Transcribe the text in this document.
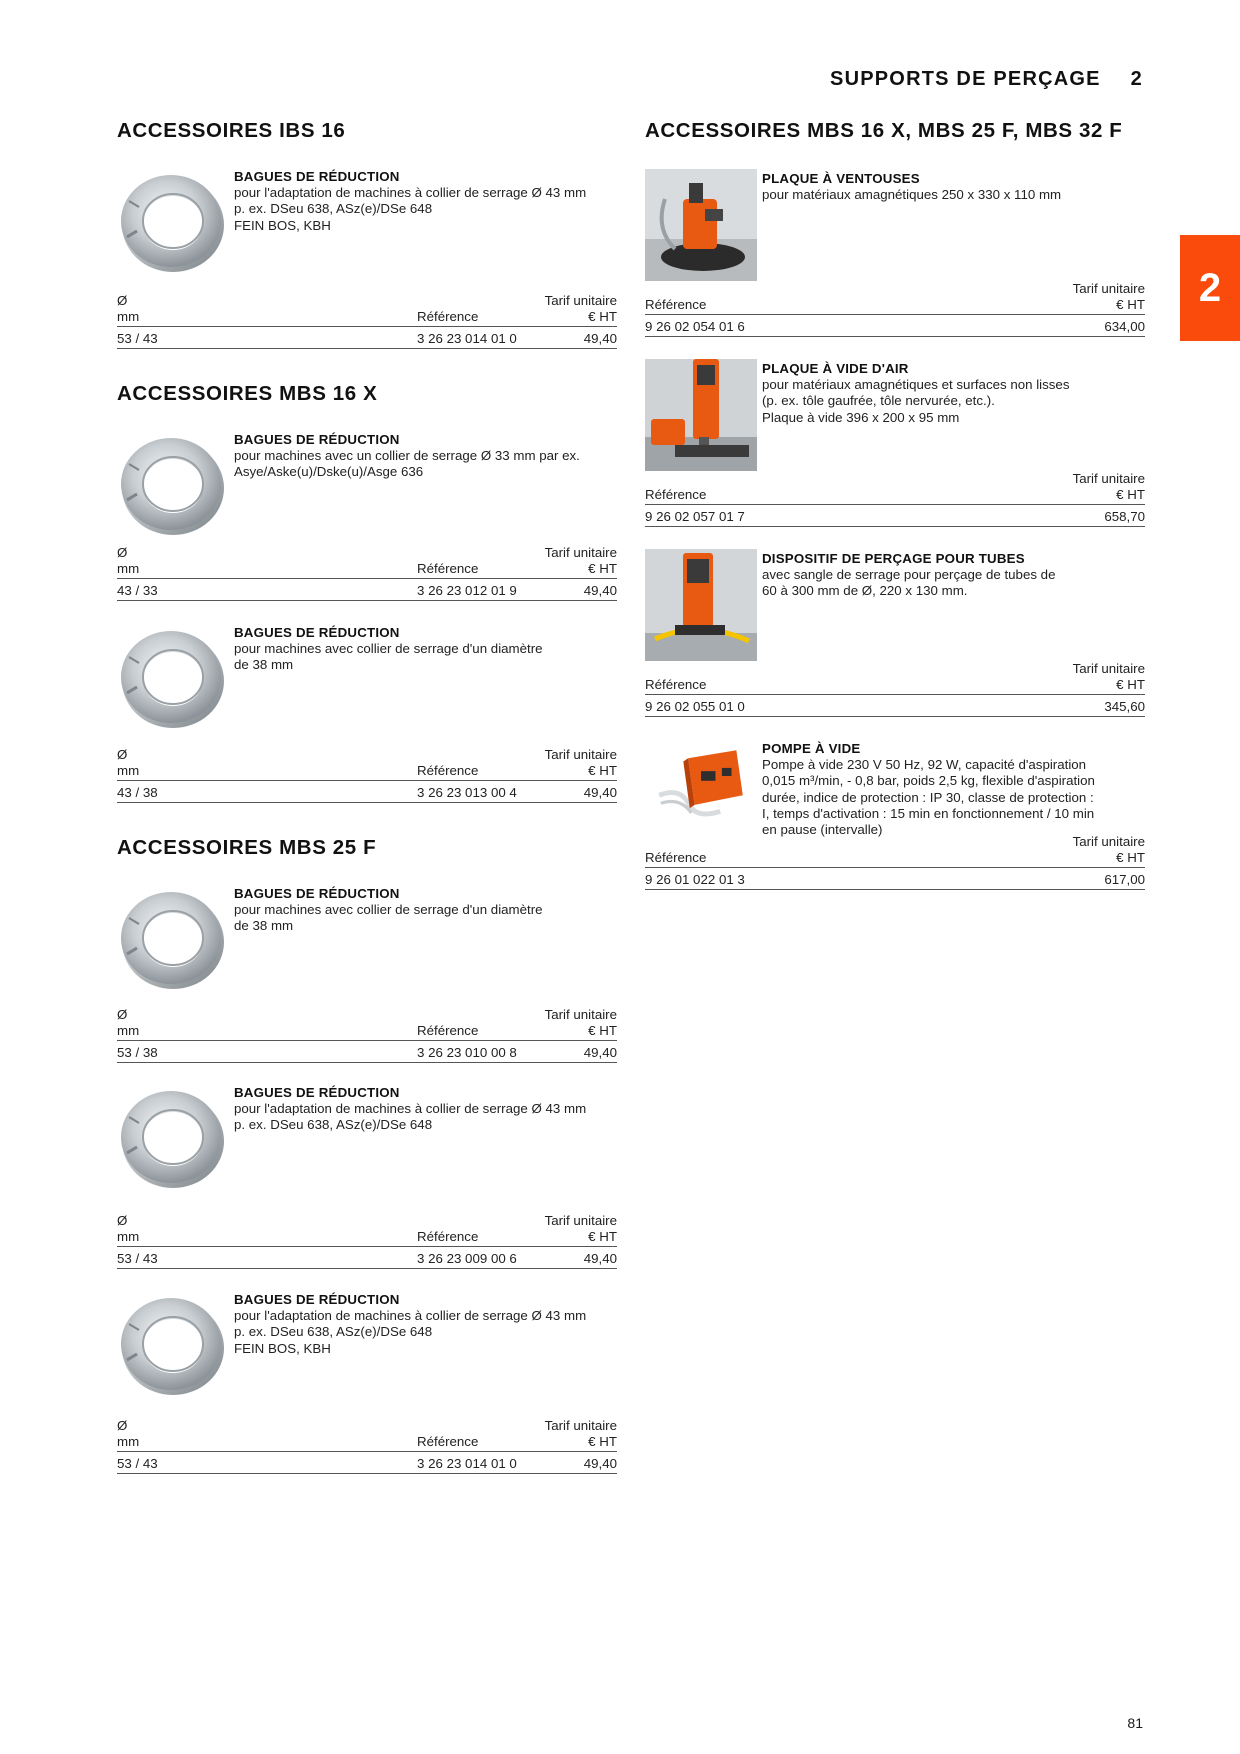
SUPPORTS DE PERÇAGE 2
2
ACCESSOIRES IBS 16
BAGUES DE RÉDUCTION
pour l'adaptation de machines à collier de serrage Ø 43 mm
p. ex. DSeu 638, ASz(e)/DSe 648
FEIN BOS, KBH
Ø
mm	Référence
Tarif unitaire
€ HT
53 / 43	3 26 23 014 01 0	49,40
ACCESSOIRES MBS 16 X
BAGUES DE RÉDUCTION
pour machines avec un collier de serrage Ø 33 mm par ex.
Asye/Aske(u)/Dske(u)/Asge 636
Ø
mm	Référence
Tarif unitaire
€ HT
43 / 33	3 26 23 012 01 9	49,40
BAGUES DE RÉDUCTION
pour machines avec collier de serrage d'un diamètre
de 38 mm
Ø
mm	Référence
Tarif unitaire
€ HT
43 / 38	3 26 23 013 00 4	49,40
ACCESSOIRES MBS 25 F
BAGUES DE RÉDUCTION
pour machines avec collier de serrage d'un diamètre
de 38 mm
Ø
mm	Référence
Tarif unitaire
€ HT
53 / 38	3 26 23 010 00 8	49,40
BAGUES DE RÉDUCTION
pour l'adaptation de machines à collier de serrage Ø 43 mm
p. ex. DSeu 638, ASz(e)/DSe 648
Ø
mm	Référence
Tarif unitaire
€ HT
53 / 43	3 26 23 009 00 6	49,40
BAGUES DE RÉDUCTION
pour l'adaptation de machines à collier de serrage Ø 43 mm
p. ex. DSeu 638, ASz(e)/DSe 648
FEIN BOS, KBH
Ø
mm	Référence
Tarif unitaire
€ HT
53 / 43	3 26 23 014 01 0	49,40
ACCESSOIRES MBS 16 X, MBS 25 F, MBS 32 F
PLAQUE À VENTOUSES
pour matériaux amagnétiques 250 x 330 x 110 mm
Référence
Tarif unitaire
€ HT
9 26 02 054 01 6	634,00
PLAQUE À VIDE D'AIR
pour matériaux amagnétiques et surfaces non lisses
(p. ex. tôle gaufrée, tôle nervurée, etc.).
Plaque à vide 396 x 200 x 95 mm
Référence
Tarif unitaire
€ HT
9 26 02 057 01 7	658,70
DISPOSITIF DE PERÇAGE POUR TUBES
avec sangle de serrage pour perçage de tubes de
60 à 300 mm de Ø, 220 x 130 mm.
Référence
Tarif unitaire
€ HT
9 26 02 055 01 0	345,60
POMPE À VIDE
Pompe à vide 230 V 50 Hz, 92 W, capacité d'aspiration
0,015 m³/min, - 0,8 bar, poids 2,5 kg, flexible d'aspiration
durée, indice de protection : IP 30, classe de protection :
I, temps d'activation : 15 min en fonctionnement / 10 min
en pause (intervalle)
Référence
Tarif unitaire
€ HT
9 26 01 022 01 3	617,00
81
